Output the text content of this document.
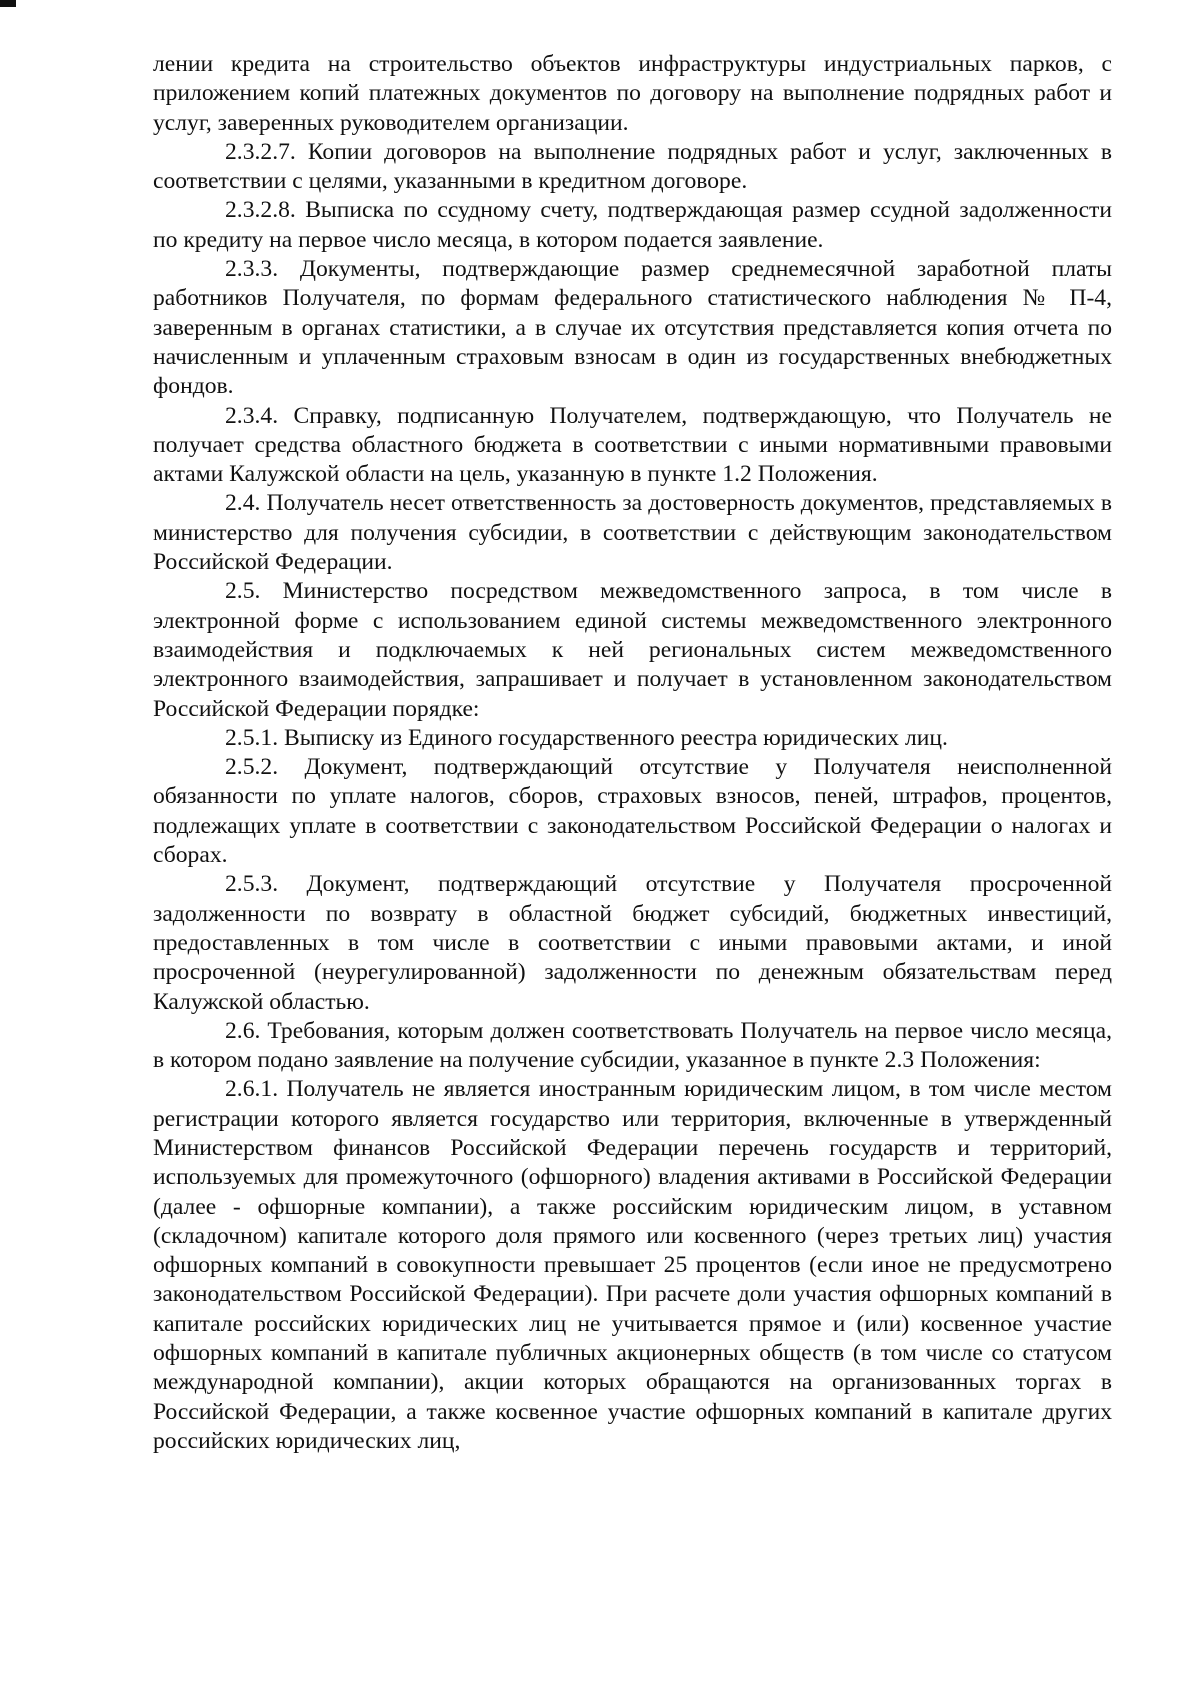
лении кредита на строительство объектов инфраструктуры индустриальных парков, с приложением копий платежных документов по договору на выполнение подрядных работ и услуг, заверенных руководителем организации.

2.3.2.7. Копии договоров на выполнение подрядных работ и услуг, заключенных в соответствии с целями, указанными в кредитном договоре.

2.3.2.8. Выписка по ссудному счету, подтверждающая размер ссудной задолженности по кредиту на первое число месяца, в котором подается заявление.

2.3.3. Документы, подтверждающие размер среднемесячной заработной платы работников Получателя, по формам федерального статистического наблюдения № П-4, заверенным в органах статистики, а в случае их отсутствия представляется копия отчета по начисленным и уплаченным страховым взносам в один из государственных внебюджетных фондов.

2.3.4. Справку, подписанную Получателем, подтверждающую, что Получатель не получает средства областного бюджета в соответствии с иными нормативными правовыми актами Калужской области на цель, указанную в пункте 1.2 Положения.

2.4. Получатель несет ответственность за достоверность документов, представляемых в министерство для получения субсидии, в соответствии с действующим законодательством Российской Федерации.

2.5. Министерство посредством межведомственного запроса, в том числе в электронной форме с использованием единой системы межведомственного электронного взаимодействия и подключаемых к ней региональных систем межведомственного электронного взаимодействия, запрашивает и получает в установленном законодательством Российской Федерации порядке:

2.5.1. Выписку из Единого государственного реестра юридических лиц.

2.5.2. Документ, подтверждающий отсутствие у Получателя неисполненной обязанности по уплате налогов, сборов, страховых взносов, пеней, штрафов, процентов, подлежащих уплате в соответствии с законодательством Российской Федерации о налогах и сборах.

2.5.3. Документ, подтверждающий отсутствие у Получателя просроченной задолженности по возврату в областной бюджет субсидий, бюджетных инвестиций, предоставленных в том числе в соответствии с иными правовыми актами, и иной просроченной (неурегулированной) задолженности по денежным обязательствам перед Калужской областью.

2.6. Требования, которым должен соответствовать Получатель на первое число месяца, в котором подано заявление на получение субсидии, указанное в пункте 2.3 Положения:

2.6.1. Получатель не является иностранным юридическим лицом, в том числе местом регистрации которого является государство или территория, включенные в утвержденный Министерством финансов Российской Федерации перечень государств и территорий, используемых для промежуточного (офшорного) владения активами в Российской Федерации (далее - офшорные компании), а также российским юридическим лицом, в уставном (складочном) капитале которого доля прямого или косвенного (через третьих лиц) участия офшорных компаний в совокупности превышает 25 процентов (если иное не предусмотрено законодательством Российской Федерации). При расчете доли участия офшорных компаний в капитале российских юридических лиц не учитывается прямое и (или) косвенное участие офшорных компаний в капитале публичных акционерных обществ (в том числе со статусом международной компании), акции которых обращаются на организованных торгах в Российской Федерации, а также косвенное участие офшорных компаний в капитале других российских юридических лиц,
